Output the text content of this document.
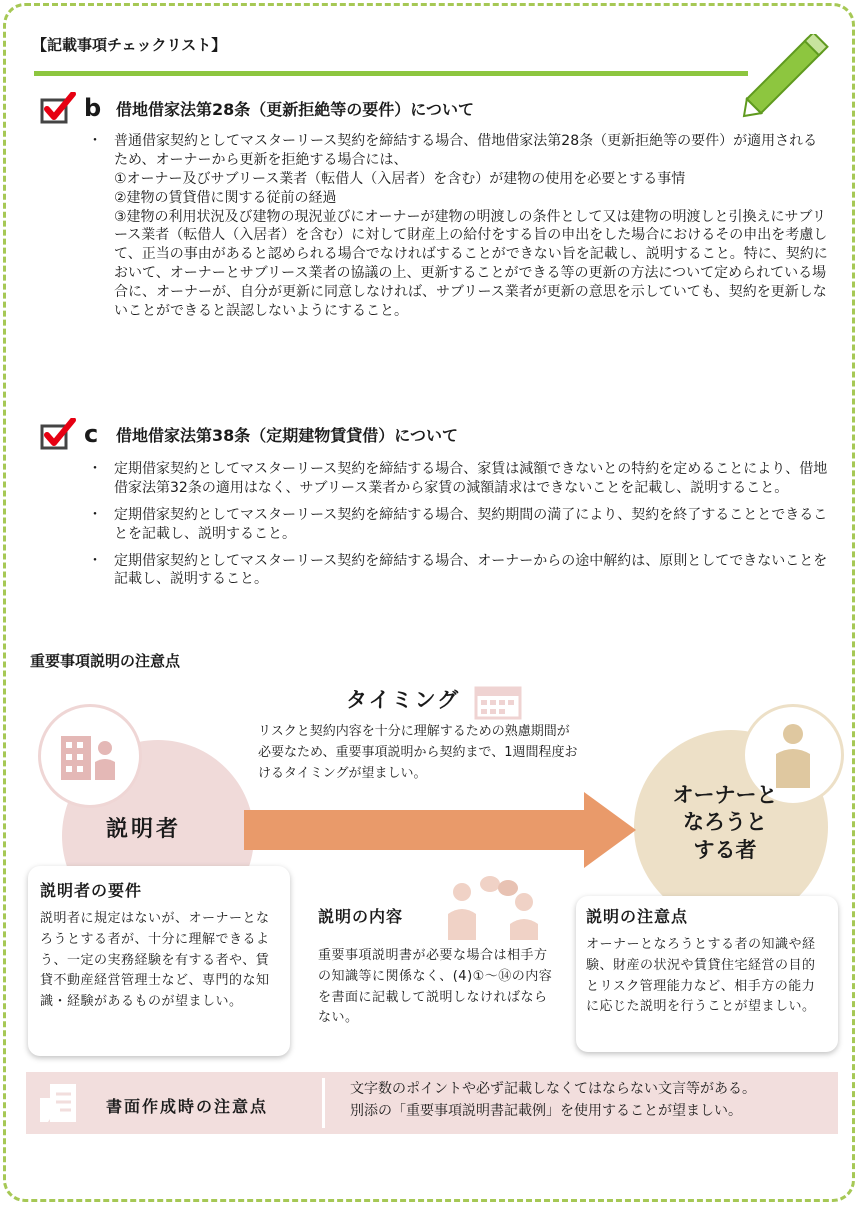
【記載事項チェックリスト】
b 借地借家法第28条（更新拒絶等の要件）について
・ 普通借家契約としてマスターリース契約を締結する場合、借地借家法第28条（更新拒絶等の要件）が適用されるため、オーナーから更新を拒絶する場合には、

①オーナー及びサブリース業者（転借人（入居者）を含む）が建物の使用を必要とする事情

②建物の賃貸借に関する従前の経過

③建物の利用状況及び建物の現況並びにオーナーが建物の明渡しの条件として又は建物の明渡しと引換えにサブリース業者（転借人（入居者）を含む）に対して財産上の給付をする旨の申出をした場合におけるその申出を考慮して、正当の事由があると認められる場合でなければすることができない旨を記載し、説明すること。特に、契約において、オーナーとサブリース業者の協議の上、更新することができる等の更新の方法について定められている場合に、オーナーが、自分が更新に同意しなければ、サブリース業者が更新の意思を示していても、契約を更新しないことができると誤認しないようにすること。

c	借地借家法第38条（定期建物賃貸借）について
・ 定期借家契約としてマスターリース契約を締結する場合、家賃は減額できないとの特約を定めることにより、借地借家法第32条の適用はなく、サブリース業者から家賃の減額請求はできないことを記載し、説明すること。
・ 定期借家契約としてマスターリース契約を締結する場合、契約期間の満了により、契約を終了することとできることを記載し、説明すること。
・ 定期借家契約としてマスターリース契約を締結する場合、オーナーからの途中解約は、原則としてできないことを記載し、説明すること。
重要事項説明の注意点
タイミング
リスクと契約内容を十分に理解するための熟慮期間が必要なため、重要事項説明から契約まで、1週間程度おけるタイミングが望ましい。
説明者
オーナーと
なろうと
する者
説明者の要件

説明者に規定はないが、オーナーとなろうとする者が、十分に理解できるよう、一定の実務経験を有する者や、賃貸不動産経営管理士など、専門的な知識・経験があるものが望ましい。

説明の内容
重要事項説明書が必要な場合は相手方の知識等に関係なく、(4)①～⑭の内容を書面に記載して説明しなければならない。
説明の注意点

オーナーとなろうとする者の知識や経験、財産の状況や賃貸住宅経営の目的とリスク管理能力など、相手方の能力に応じた説明を行うことが望ましい。

書面作成時の注意点
文字数のポイントや必ず記載しなくてはならない文言等がある。
別添の「重要事項説明書記載例」を使用することが望ましい。
